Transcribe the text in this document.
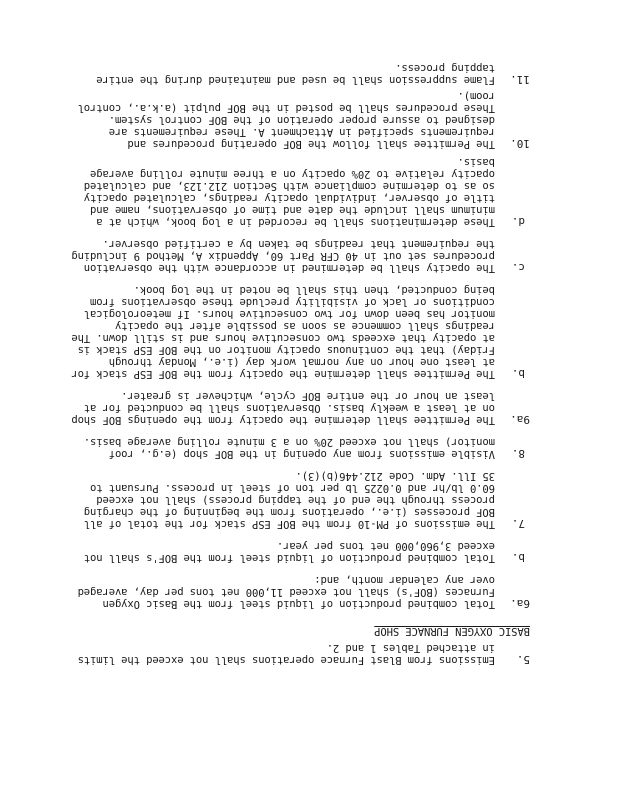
5.
Emissions from Blast Furnace operations shall not exceed the limits
in attached Tables 1 and 2.
BASIC OXYGEN FURNACE SHOP
6a.
Total combined production of liquid steel from the Basic Oxygen
Furnaces (BOF's) shall not exceed 11,000 net tons per day, averaged
over any calendar month, and:
b.
Total combined production of liquid steel from the BOF's shall not
exceed 3,960,000 net tons per year.
7.
The emissions of PM-10 from the BOF ESP stack for the total of all
BOF processes (i.e., operations from the beginning of the charging
process through the end of the tapping process) shall not exceed
60.0 lb/hr and 0.0225 lb per ton of steel in process. Pursuant to
35 Ill. Adm. Code 212.446(b)(3).
8.
Visible emissions from any opening in the BOF shop (e.g., roof
monitor) shall not exceed 20% on a 3 minute rolling average basis.
9a.
The Permittee shall determine the opacity from the openings BOF shop
on at least a weekly basis. Observations shall be conducted for at
least an hour or the entire BOF cycle, whichever is greater.
b.
The Permittee shall determine the opacity from the BOF ESP stack for
at least one hour on any normal work day (i.e., Monday through
Friday) that the continuous opacity monitor on the BOF ESP stack is
at opacity that exceeds two consecutive hours and is still down. The
readings shall commence as soon as possible after the opacity
monitor has been down for two consecutive hours. If meteorological
conditions or lack of visibility preclude these observations from
being conducted, then this shall be noted in the log book.
c.
The opacity shall be determined in accordance with the observation
procedures set out in 40 CFR Part 60, Appendix A, Method 9 including
the requirement that readings be taken by a certified observer.
d.
These determinations shall be recorded in a log book, which at a
minimum shall include the date and time of observations, name and
title of observer, individual opacity readings, calculated opacity
so as to determine compliance with Section 212.123, and calculated
opacity relative to 20% opacity on a three minute rolling average
basis.
10.
The Permittee shall follow the BOF operating procedures and
requirements specified in Attachment A. These requirements are
designed to assure proper operation of the BOF control system.
These procedures shall be posted in the BOF pulpit (a.k.a., control
room).
11.
Flame suppression shall be used and maintained during the entire
tapping process.
